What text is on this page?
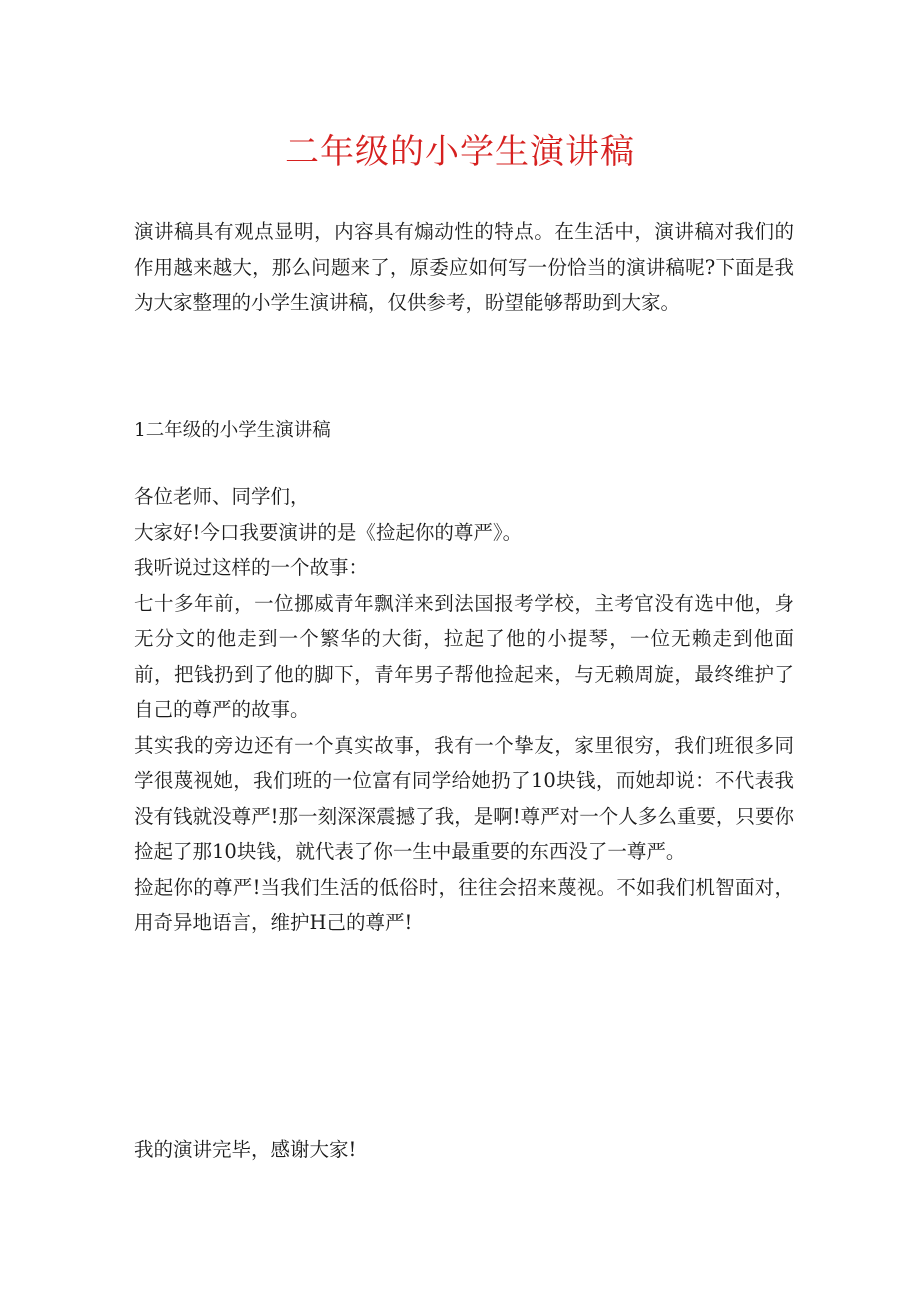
二年级的小学生演讲稿
演讲稿具有观点显明，内容具有煽动性的特点。在生活中，演讲稿对我们的作用越来越大，那么问题来了，原委应如何写一份恰当的演讲稿呢?下面是我为大家整理的小学生演讲稿，仅供参考，盼望能够帮助到大家。
1二年级的小学生演讲稿

各位老师、同学们，

大家好!今口我要演讲的是《捡起你的尊严》。

我听说过这样的一个故事：

七十多年前，一位挪威青年飘洋来到法国报考学校，主考官没有选中他，身无分文的他走到一个繁华的大街，拉起了他的小提琴，一位无赖走到他面前，把钱扔到了他的脚下，青年男子帮他捡起来，与无赖周旋，最终维护了自己的尊严的故事。

其实我的旁边还有一个真实故事，我有一个挚友，家里很穷，我们班很多同学很蔑视她，我们班的一位富有同学给她扔了10块钱，而她却说：不代表我没有钱就没尊严!那一刻深深震撼了我，是啊!尊严对一个人多么重要，只要你捡起了那10块钱，就代表了你一生中最重要的东西没了一尊严。

捡起你的尊严!当我们生活的低俗时，往往会招来蔑视。不如我们机智面对，用奇异地语言，维护H己的尊严!

我的演讲完毕，感谢大家!
